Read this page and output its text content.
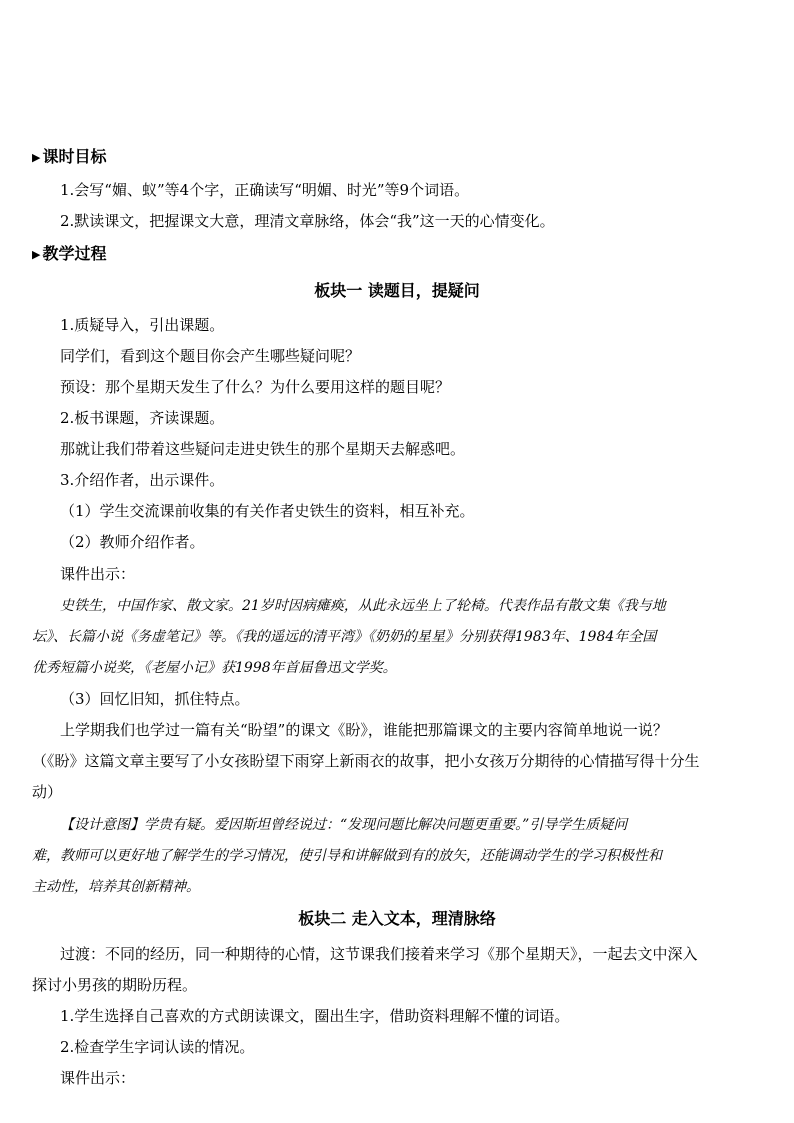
▶ 课时目标
1.会写“媚、蚁”等4个字，正确读写“明媚、时光”等9个词语。
2.默读课文，把握课文大意，理清文章脉络，体会“我”这一天的心情变化。
▶ 教学过程
板块一 读题目，提疑问
1.质疑导入，引出课题。
同学们，看到这个题目你会产生哪些疑问呢？
预设：那个星期天发生了什么？为什么要用这样的题目呢？
2.板书课题，齐读课题。
那就让我们带着这些疑问走进史铁生的那个星期天去解惑吧。
3.介绍作者，出示课件。
（1）学生交流课前收集的有关作者史铁生的资料，相互补充。
（2）教师介绍作者。
课件出示：
史铁生，中国作家、散文家。21岁时因病瘫痪，从此永远坐上了轮椅。代表作品有散文集《我与地
坛》、长篇小说《务虚笔记》等。《我的遥远的清平湾》《奶奶的星星》分别获得1983年、1984年全国
优秀短篇小说奖，《老屋小记》获1998年首届鲁迅文学奖。
（3）回忆旧知，抓住特点。
上学期我们也学过一篇有关“盼望”的课文《盼》，谁能把那篇课文的主要内容简单地说一说？
（《盼》这篇文章主要写了小女孩盼望下雨穿上新雨衣的故事，把小女孩万分期待的心情描写得十分生
动）
【设计意图】学贵有疑。爱因斯坦曾经说过：“发现问题比解决问题更重要。”引导学生质疑问
难，教师可以更好地了解学生的学习情况，使引导和讲解做到有的放矢，还能调动学生的学习积极性和
主动性，培养其创新精神。
板块二 走入文本，理清脉络
过渡：不同的经历，同一种期待的心情，这节课我们接着来学习《那个星期天》，一起去文中深入
探讨小男孩的期盼历程。
1.学生选择自己喜欢的方式朗读课文，圈出生字，借助资料理解不懂的词语。
2.检查学生字词认读的情况。
课件出示：
